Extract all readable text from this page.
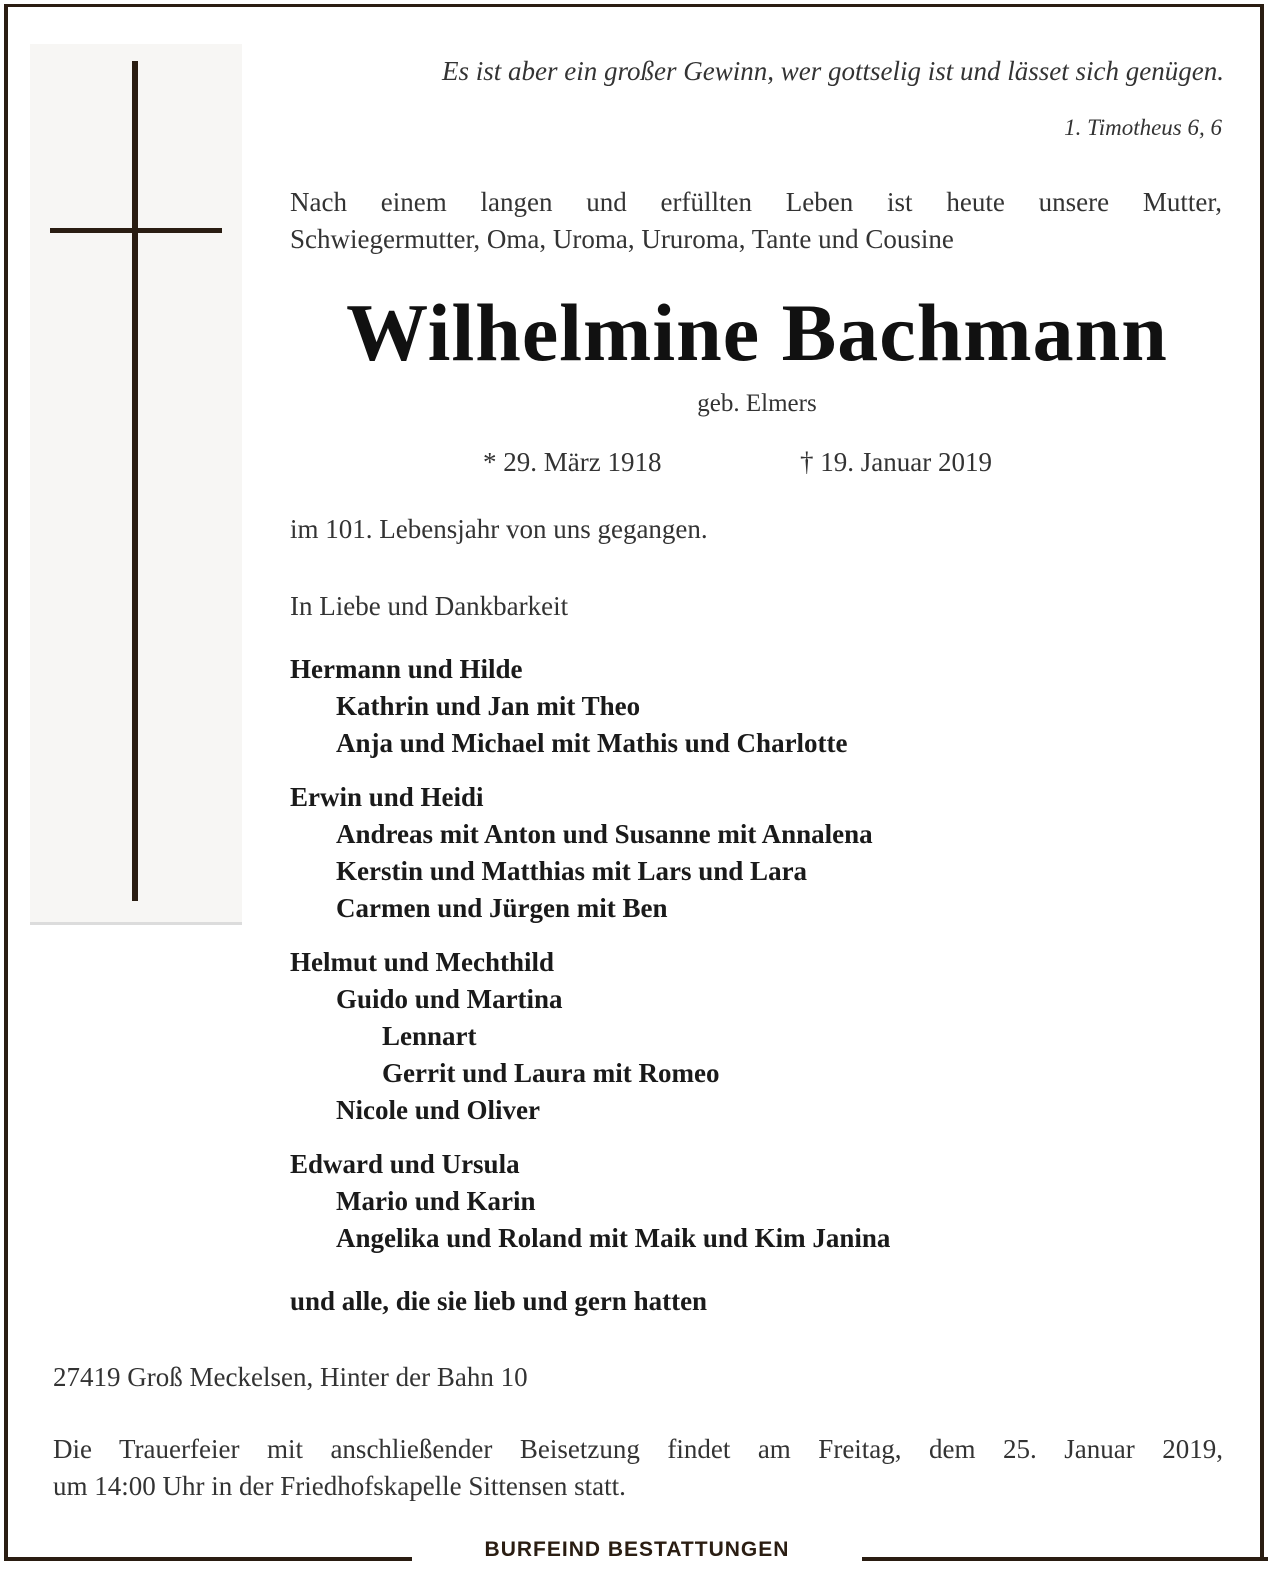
Es ist aber ein großer Gewinn, wer gottselig ist und lässet sich genügen.
1. Timotheus 6, 6
Nach einem langen und erfüllten Leben ist heute unsere Mutter,
Schwiegermutter, Oma, Uroma, Ururoma, Tante und Cousine
Wilhelmine Bachmann
geb. Elmers
* 29. März 1918	† 19. Januar 2019
im 101. Lebensjahr von uns gegangen.
In Liebe und Dankbarkeit
Hermann und Hilde
Kathrin und Jan mit Theo
Anja und Michael mit Mathis und Charlotte
Erwin und Heidi
Andreas mit Anton und Susanne mit Annalena
Kerstin und Matthias mit Lars und Lara
Carmen und Jürgen mit Ben
Helmut und Mechthild
Guido und Martina
Lennart
Gerrit und Laura mit Romeo
Nicole und Oliver
Edward und Ursula
Mario und Karin
Angelika und Roland mit Maik und Kim Janina
und alle, die sie lieb und gern hatten
27419 Groß Meckelsen, Hinter der Bahn 10
Die Trauerfeier mit anschließender Beisetzung findet am Freitag, dem 25. Januar 2019,
um 14:00 Uhr in der Friedhofskapelle Sittensen statt.
BURFEIND BESTATTUNGEN
